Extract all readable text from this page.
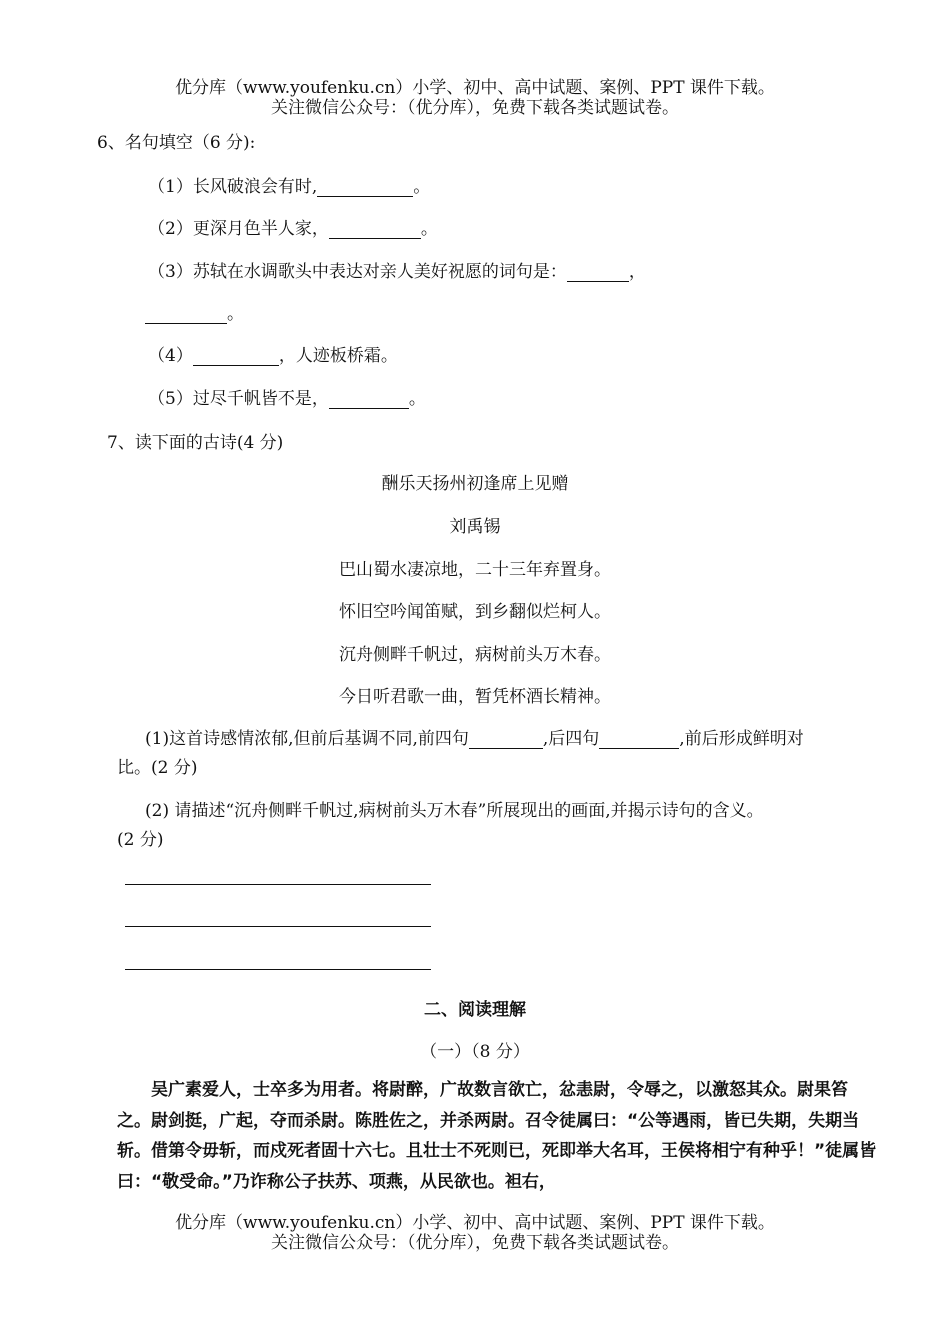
优分库（www.youfenku.cn）小学、初中、高中试题、案例、PPT 课件下载。
关注微信公众号：（优分库），免费下载各类试题试卷。
6、名句填空（6 分):
（1）长风破浪会有时,	。
（2）更深月色半人家，	。
（3）苏轼在水调歌头中表达对亲人美好祝愿的词句是：	，
。
（4）	，人迹板桥霜。
（5）过尽千帆皆不是，	。
7、读下面的古诗(4 分)
酬乐天扬州初逢席上见赠
刘禹锡
巴山蜀水凄凉地，二十三年弃置身。
怀旧空吟闻笛赋，到乡翻似烂柯人。
沉舟侧畔千帆过，病树前头万木春。
今日听君歌一曲，暂凭杯酒长精神。
(1)这首诗感情浓郁,但前后基调不同,前四句	,后四句	,前后形成鲜明对
比。(2 分)
(2) 请描述“沉舟侧畔千帆过,病树前头万木春”所展现出的画面,并揭示诗句的含义。
(2 分)
二、阅读理解
（一）（8 分）
吴广素爱人，士卒多为用者。将尉醉，广故数言欲亡，忿恚尉，令辱之，以激怒其众。尉果笞之。尉剑挺，广起，夺而杀尉。陈胜佐之，并杀两尉。召令徒属曰：“公等遇雨，皆已失期，失期当斩。借第令毋斩，而戍死者固十六七。且壮士不死则已，死即举大名耳，王侯将相宁有种乎！”徒属皆曰：“敬受命。”乃诈称公子扶苏、项燕，从民欲也。袒右，
优分库（www.youfenku.cn）小学、初中、高中试题、案例、PPT 课件下载。
关注微信公众号：（优分库），免费下载各类试题试卷。
